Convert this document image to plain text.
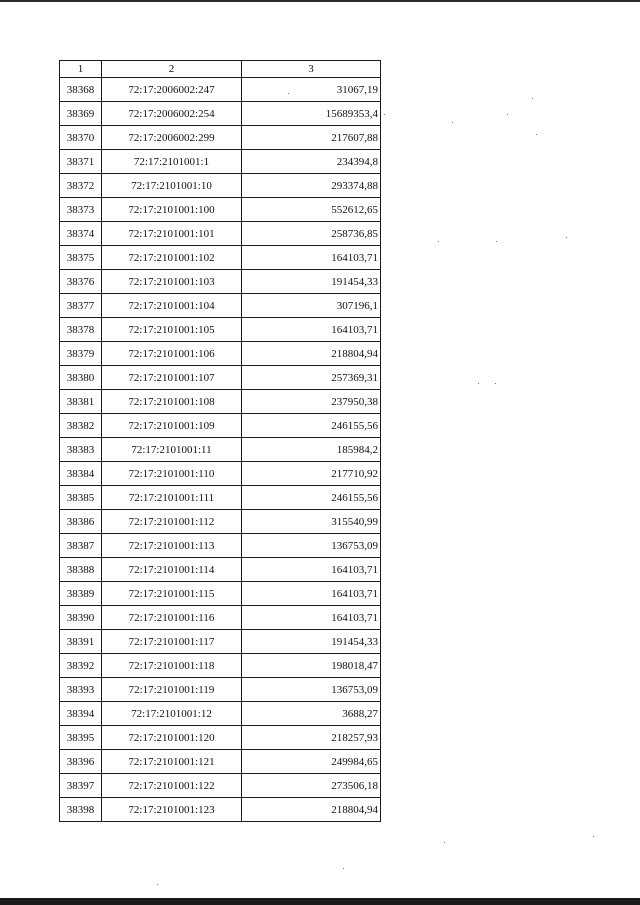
1	2	3
38368	72:17:2006002:247	31067,19
38369	72:17:2006002:254	15689353,4
38370	72:17:2006002:299	217607,88
38371	72:17:2101001:1	234394,8
38372	72:17:2101001:10	293374,88
38373	72:17:2101001:100	552612,65
38374	72:17:2101001:101	258736,85
38375	72:17:2101001:102	164103,71
38376	72:17:2101001:103	191454,33
38377	72:17:2101001:104	307196,1
38378	72:17:2101001:105	164103,71
38379	72:17:2101001:106	218804,94
38380	72:17:2101001:107	257369,31
38381	72:17:2101001:108	237950,38
38382	72:17:2101001:109	246155,56
38383	72:17:2101001:11	185984,2
38384	72:17:2101001:110	217710,92
38385	72:17:2101001:111	246155,56
38386	72:17:2101001:112	315540,99
38387	72:17:2101001:113	136753,09
38388	72:17:2101001:114	164103,71
38389	72:17:2101001:115	164103,71
38390	72:17:2101001:116	164103,71
38391	72:17:2101001:117	191454,33
38392	72:17:2101001:118	198018,47
38393	72:17:2101001:119	136753,09
38394	72:17:2101001:12	3688,27
38395	72:17:2101001:120	218257,93
38396	72:17:2101001:121	249984,65
38397	72:17:2101001:122	273506,18
38398	72:17:2101001:123	218804,94
